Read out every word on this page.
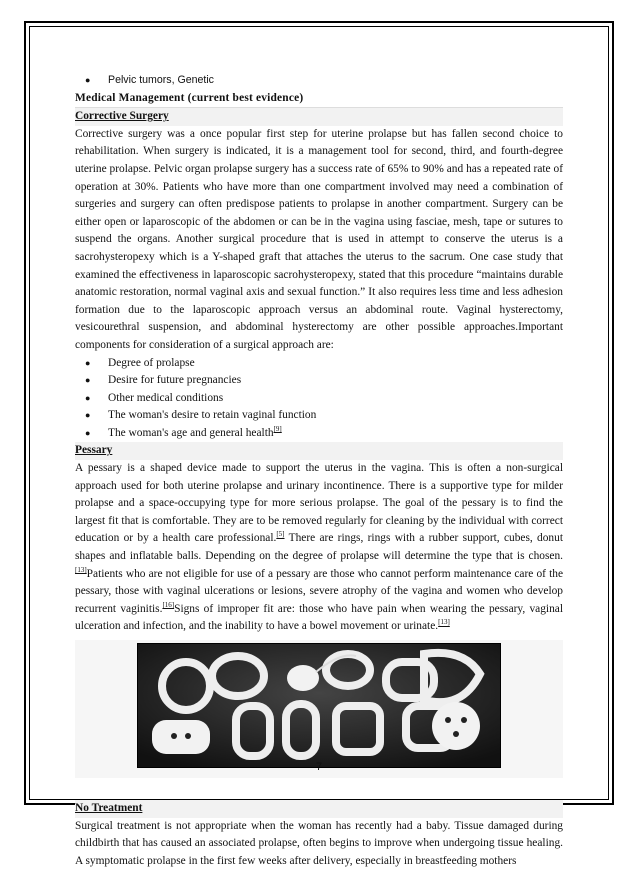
●	Pelvic tumors, Genetic
Medical Management (current best evidence)
Corrective Surgery
Corrective surgery was a once popular first step for uterine prolapse but has fallen second choice to rehabilitation. When surgery is indicated, it is a management tool for second, third, and fourth-degree uterine prolapse. Pelvic organ prolapse surgery has a success rate of 65% to 90% and has a repeated rate of operation at 30%. Patients who have more than one compartment involved may need a combination of surgeries and surgery can often predispose patients to prolapse in another compartment. Surgery can be either open or laparoscopic of the abdomen or can be in the vagina using fasciae, mesh, tape or sutures to suspend the organs. Another surgical procedure that is used in attempt to conserve the uterus is a sacrohysteropexy which is a Y-shaped graft that attaches the uterus to the sacrum. One case study that examined the effectiveness in laparoscopic sacrohysteropexy, stated that this procedure “maintains durable anatomic restoration, normal vaginal axis and sexual function.” It also requires less time and less adhesion formation due to the laparoscopic approach versus an abdominal route. Vaginal hysterectomy, vesicourethral suspension, and abdominal hysterectomy are other possible approaches.Important components for consideration of a surgical approach are:
●	Degree of prolapse
●	Desire for future pregnancies
●	Other medical conditions
●	The woman's desire to retain vaginal function
●	The woman's age and general health[9]
Pessary
A pessary is a shaped device made to support the uterus in the vagina. This is often a non-surgical approach used for both uterine prolapse and urinary incontinence. There is a supportive type for milder prolapse and a space-occupying type for more serious prolapse. The goal of the pessary is to find the largest fit that is comfortable. They are to be removed regularly for cleaning by the individual with correct education or by a health care professional.[5] There are rings, rings with a rubber support, cubes, donut shapes and inflatable balls. Depending on the degree of prolapse will determine the type that is chosen. [13]Patients who are not eligible for use of a pessary are those who cannot perform maintenance care of the pessary, those with vaginal ulcerations or lesions, severe atrophy of the vagina and women who develop recurrent vaginitis.[16]Signs of improper fit are: those who have pain when wearing the pessary, vaginal ulceration and infection, and the inability to have a bowel movement or urinate.[13]
No Treatment
Surgical treatment is not appropriate when the woman has recently had a baby. Tissue damaged during childbirth that has caused an associated prolapse, often begins to improve when undergoing tissue healing. A symptomatic prolapse in the first few weeks after delivery, especially in breastfeeding mothers
7
